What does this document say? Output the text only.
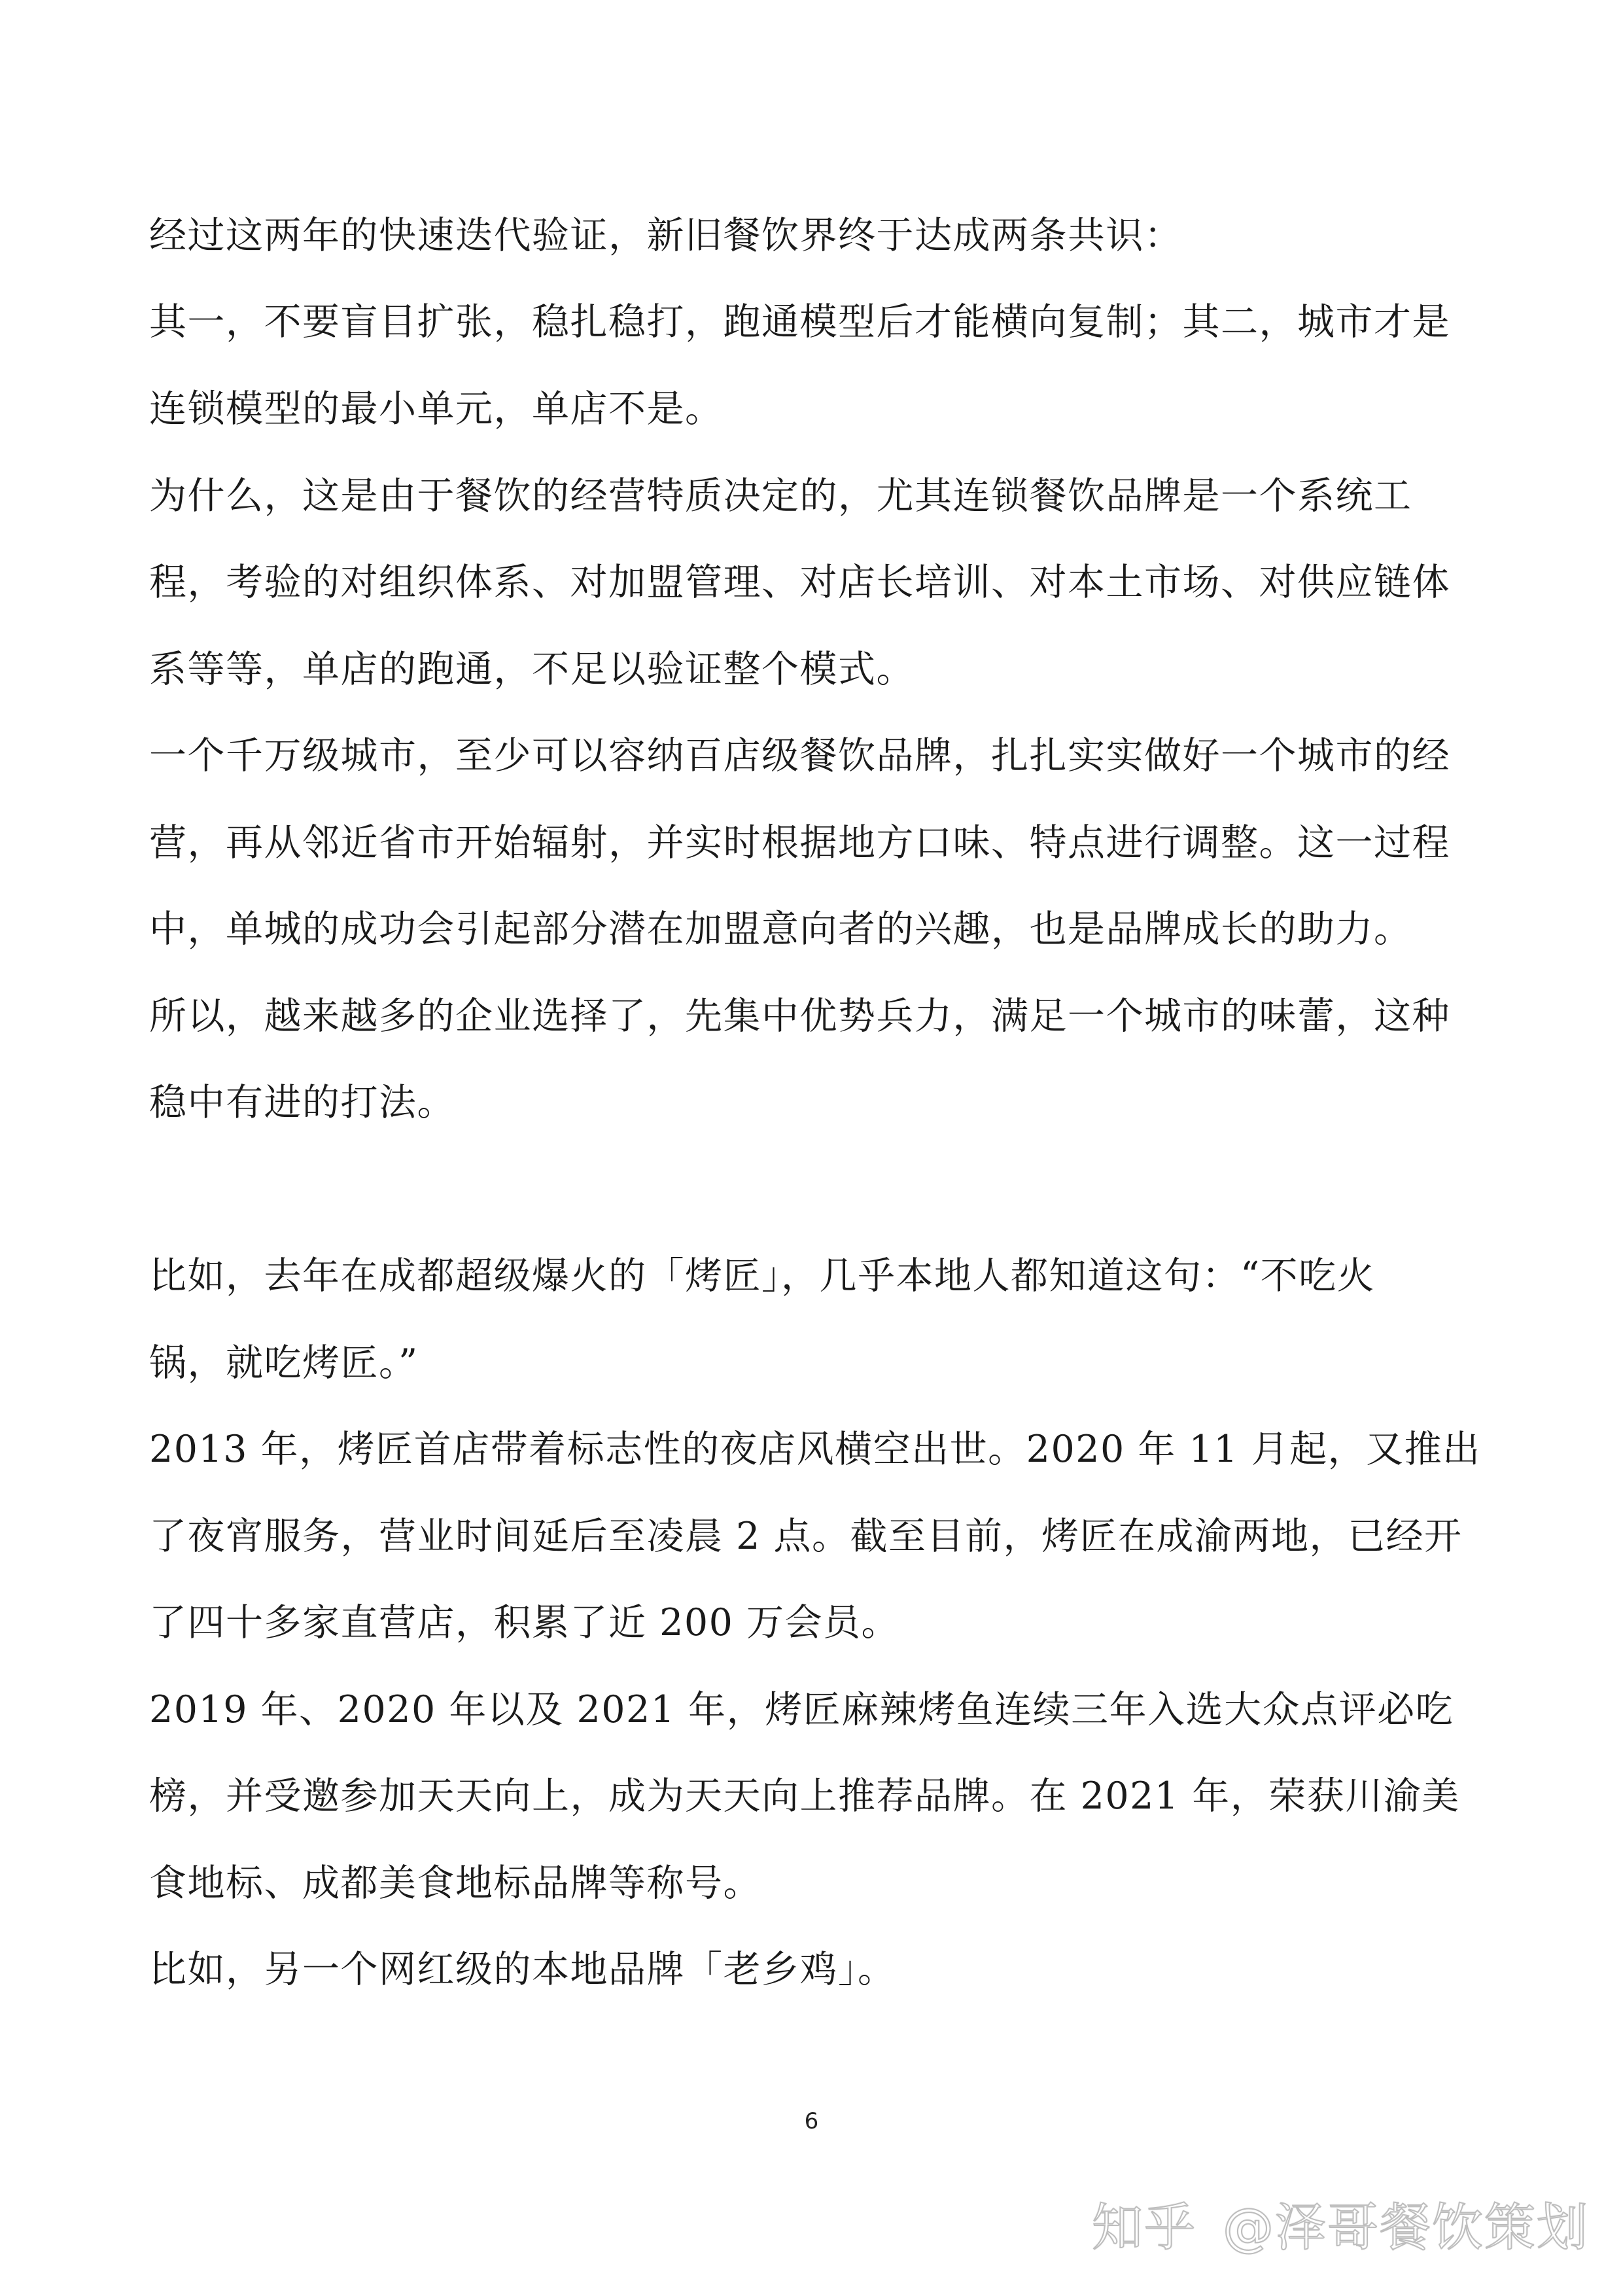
经过这两年的快速迭代验证，新旧餐饮界终于达成两条共识：
其一，不要盲目扩张，稳扎稳打，跑通模型后才能横向复制；其二，城市才是
连锁模型的最小单元，单店不是。
为什么，这是由于餐饮的经营特质决定的，尤其连锁餐饮品牌是一个系统工
程，考验的对组织体系、对加盟管理、对店长培训、对本土市场、对供应链体
系等等，单店的跑通，不足以验证整个模式。
一个千万级城市，至少可以容纳百店级餐饮品牌，扎扎实实做好一个城市的经
营，再从邻近省市开始辐射，并实时根据地方口味、特点进行调整。这一过程
中，单城的成功会引起部分潜在加盟意向者的兴趣，也是品牌成长的助力。
所以，越来越多的企业选择了，先集中优势兵力，满足一个城市的味蕾，这种
稳中有进的打法。
比如，去年在成都超级爆火的「烤匠」，几乎本地人都知道这句：“不吃火
锅，就吃烤匠。”
2013 年，烤匠首店带着标志性的夜店风横空出世。2020 年 11 月起，又推出
了夜宵服务，营业时间延后至凌晨 2 点。截至目前，烤匠在成渝两地，已经开
了四十多家直营店，积累了近 200 万会员。
2019 年、2020 年以及 2021 年，烤匠麻辣烤鱼连续三年入选大众点评必吃
榜，并受邀参加天天向上，成为天天向上推荐品牌。在 2021 年，荣获川渝美
食地标、成都美食地标品牌等称号。
比如，另一个网红级的本地品牌「老乡鸡」。
6
知乎 @泽哥餐饮策划
